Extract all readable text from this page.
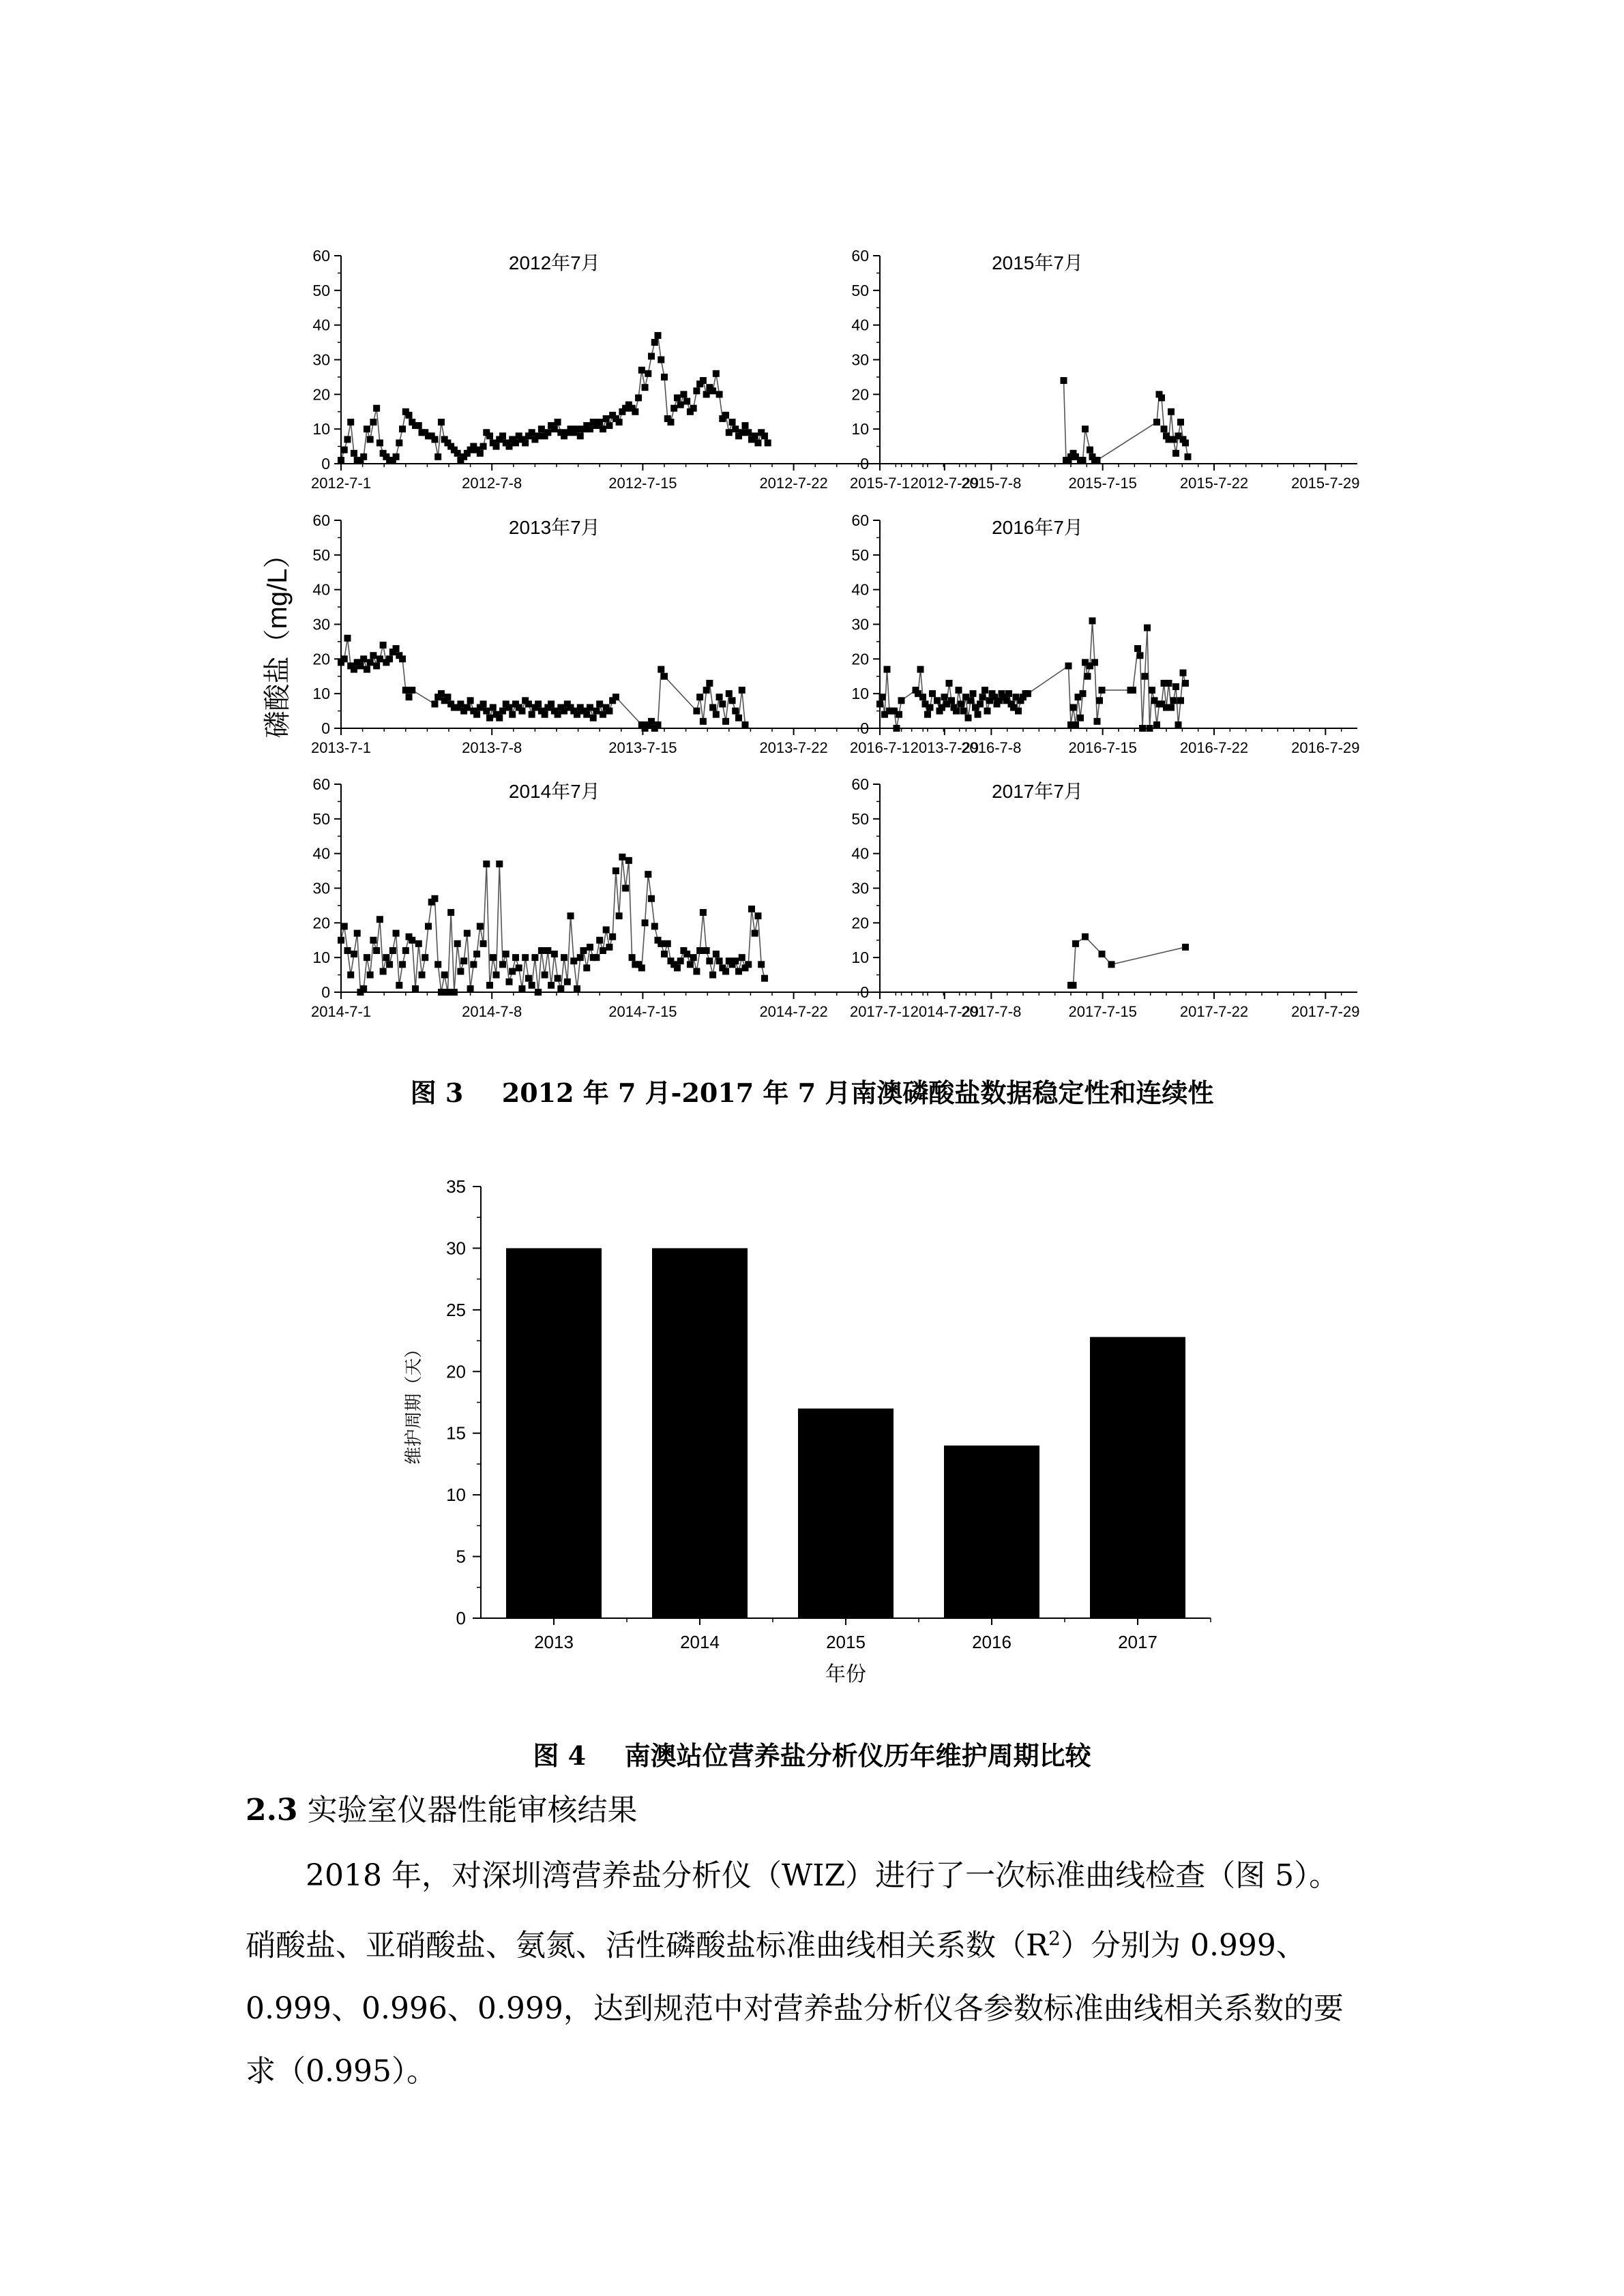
0
10
20
30
40
50
60
2012-7-1	2012-7-8	2012-7-15	2012-7-22	2012-7-29
2012年7月
0
10
20
30
40
50
60
2015-7-1	2015-7-8	2015-7-15	2015-7-22	2015-7-29
2015年7月
0
10
20
30
40
50
60
2013-7-1	2013-7-8	2013-7-15	2013-7-22	2013-7-29
2013年7月
0
10
20
30
40
50
60
2016-7-1	2016-7-8	2016-7-15	2016-7-22	2016-7-29
2016年7月
0
10
20
30
40
50
60
2014-7-1	2014-7-8	2014-7-15	2014-7-22	2014-7-29
2014年7月
0
10
20
30
40
50
60
2017-7-1	2017-7-8	2017-7-15	2017-7-22	2017-7-29
2017年7月
磷酸盐（mg/L）
图 3 2012 年 7 月-2017 年 7 月南澳磷酸盐数据稳定性和连续性
0
5
10
15
20
25
30
35
2013	2014	2015	2016	2017
年份
维护周期（天）
图 4 南澳站位营养盐分析仪历年维护周期比较
2.3 实验室仪器性能审核结果
2018 年，对深圳湾营养盐分析仪（WIZ）进行了一次标准曲线检查（图 5）。
硝酸盐、亚硝酸盐、氨氮、活性磷酸盐标准曲线相关系数$(R^2)$分别为 0.999、
0.999、0.996、0.999，达到规范中对营养盐分析仪各参数标准曲线相关系数的要
求（0.995）。
